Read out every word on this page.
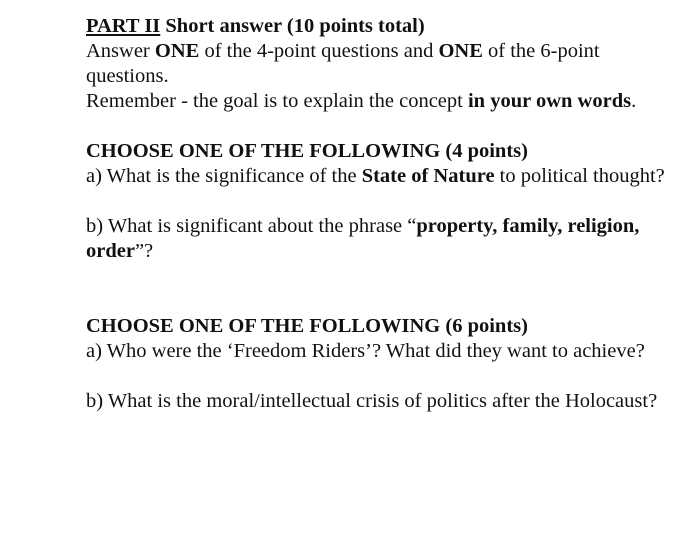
PART II Short answer (10 points total)

Answer ONE of the 4-point questions and ONE of the 6-point questions.

Remember - the goal is to explain the concept in your own words.

CHOOSE ONE OF THE FOLLOWING (4 points)

a) What is the significance of the State of Nature to political thought?

b) What is significant about the phrase “property, family, religion, order”?

CHOOSE ONE OF THE FOLLOWING (6 points)

a) Who were the ‘Freedom Riders’? What did they want to achieve?

b) What is the moral/intellectual crisis of politics after the Holocaust?
